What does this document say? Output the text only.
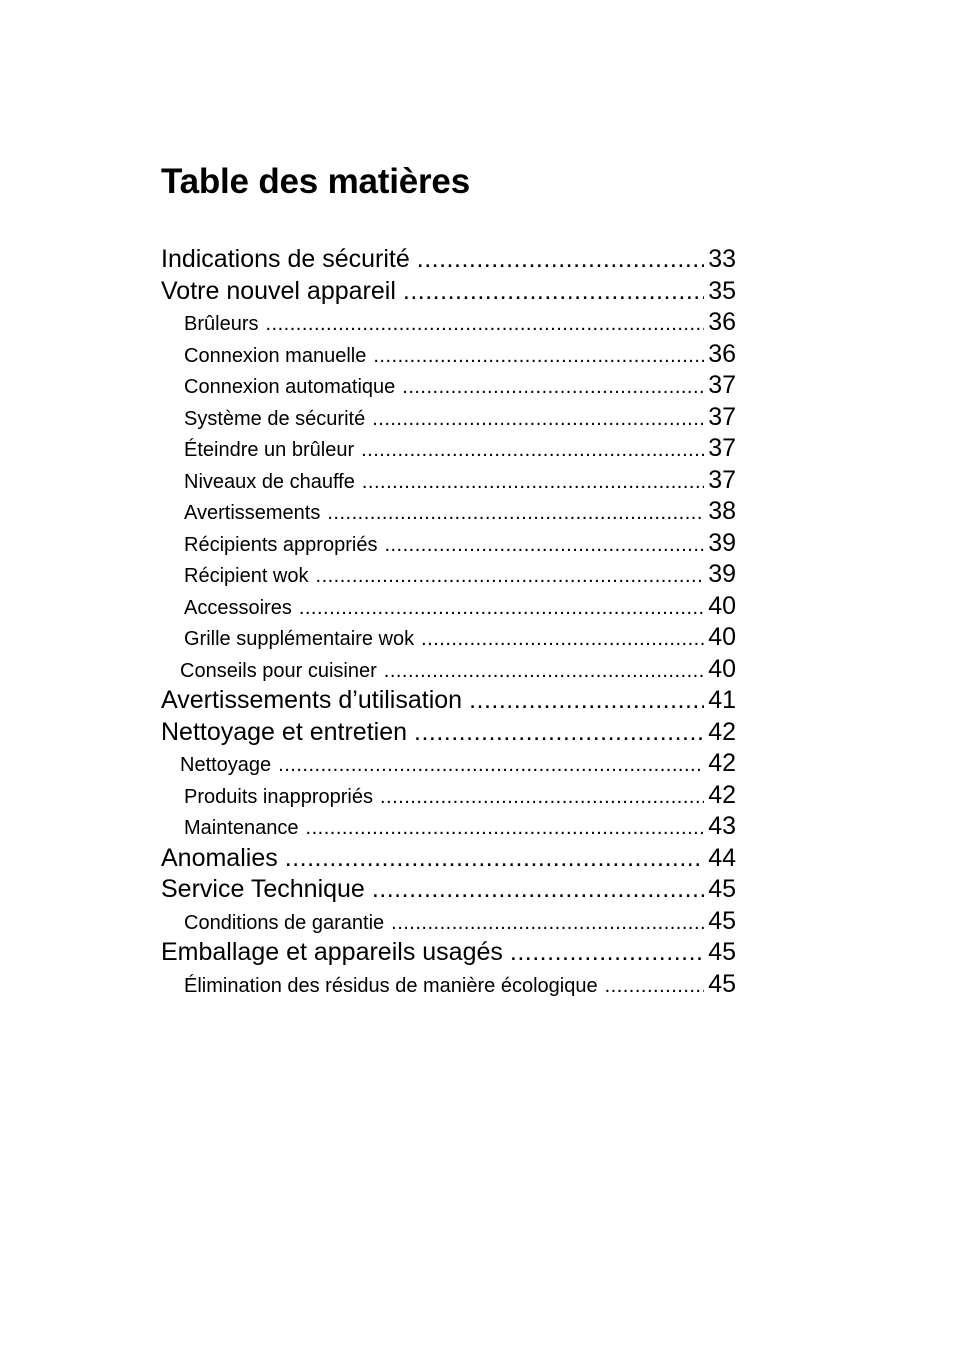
Table des matières
Indications de sécurité .....	33
Votre nouvel appareil .....	35
Brûleurs .....	36
Connexion manuelle .....	36
Connexion automatique .....	37
Système de sécurité .....	37
Éteindre un brûleur .....	37
Niveaux de chauffe .....	37
Avertissements .....	38
Récipients appropriés .....	39
Récipient wok .....	39
Accessoires .....	40
Grille supplémentaire wok .....	40
Conseils pour cuisiner .....	40
Avertissements d’utilisation .....	41
Nettoyage et entretien .....	42
Nettoyage .....	42
Produits inappropriés .....	42
Maintenance .....	43
Anomalies .....	44
Service Technique .....	45
Conditions de garantie .....	45
Emballage et appareils usagés .....	45
Élimination des résidus de manière écologique .....	45
